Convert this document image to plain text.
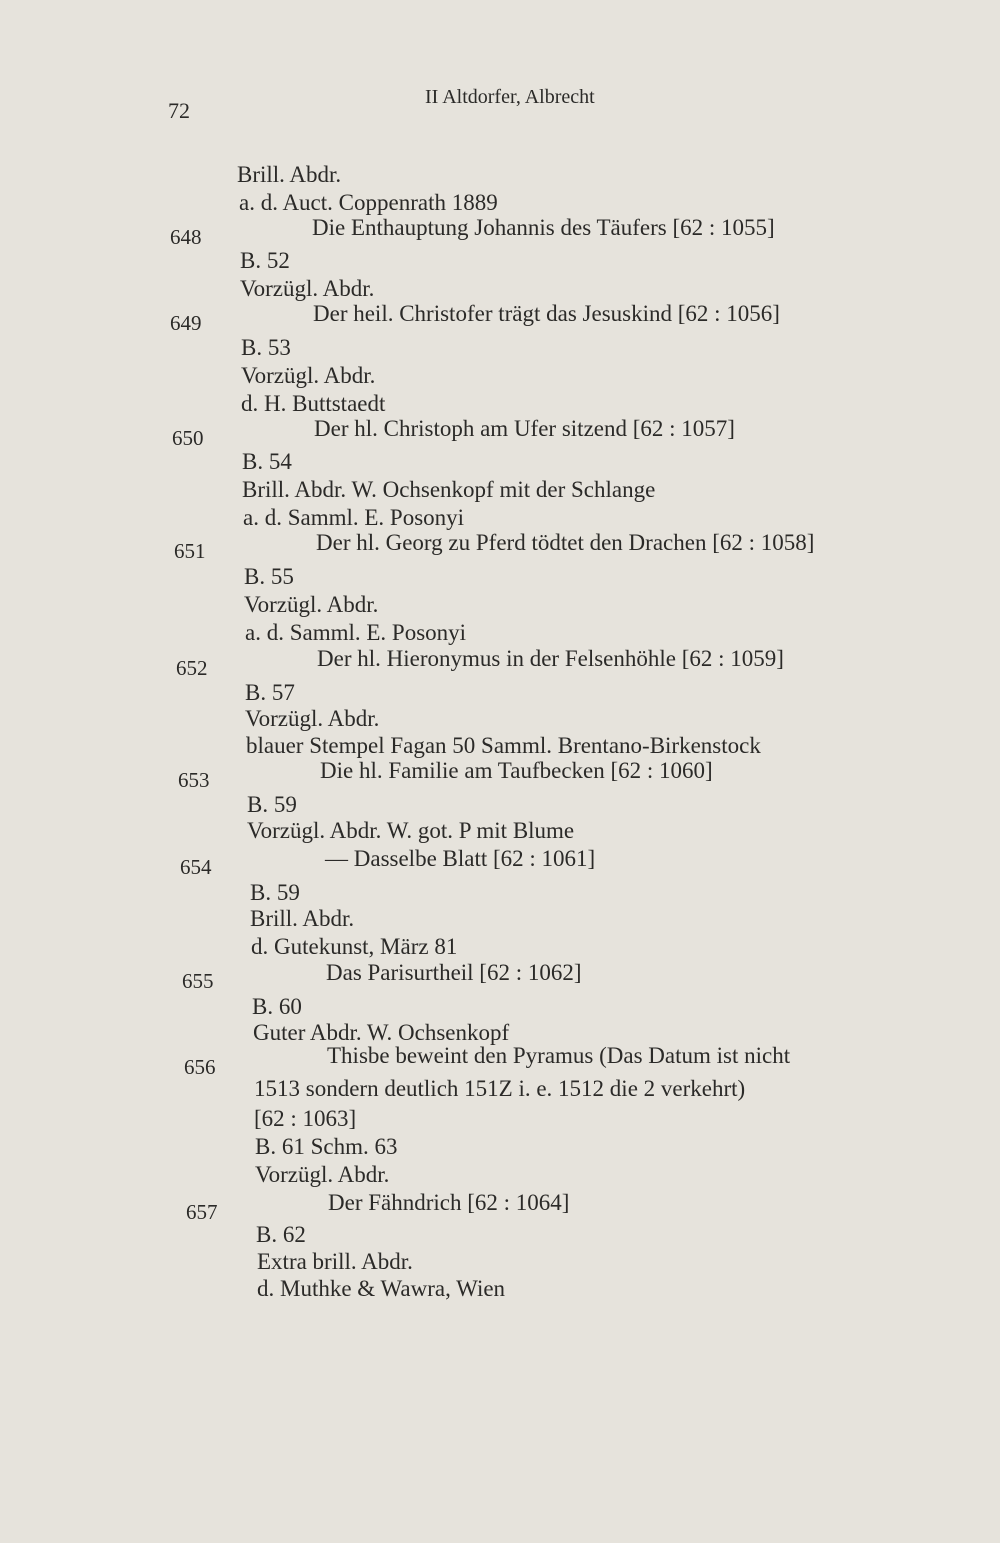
72
II Altdorfer, Albrecht
648
649
650
651
652
653
654
655
656
657
Brill. Abdr.
a. d. Auct. Coppenrath 1889
Die Enthauptung Johannis des Täufers [62 : 1055]
B. 52
Vorzügl. Abdr.
Der heil. Christofer trägt das Jesuskind [62 : 1056]
B. 53
Vorzügl. Abdr.
d. H. Buttstaedt
Der hl. Christoph am Ufer sitzend [62 : 1057]
B. 54
Brill. Abdr. W. Ochsenkopf mit der Schlange
a. d. Samml. E. Posonyi
Der hl. Georg zu Pferd tödtet den Drachen [62 : 1058]
B. 55
Vorzügl. Abdr.
a. d. Samml. E. Posonyi
Der hl. Hieronymus in der Felsenhöhle [62 : 1059]
B. 57
Vorzügl. Abdr.
blauer Stempel Fagan 50 Samml. Brentano-Birkenstock
Die hl. Familie am Taufbecken [62 : 1060]
B. 59
Vorzügl. Abdr. W. got. P mit Blume
— Dasselbe Blatt [62 : 1061]
B. 59
Brill. Abdr.
d. Gutekunst, März 81
Das Parisurtheil [62 : 1062]
B. 60
Guter Abdr. W. Ochsenkopf
Thisbe beweint den Pyramus (Das Datum ist nicht
1513 sondern deutlich 151Z i. e. 1512 die 2 verkehrt)
[62 : 1063]
B. 61 Schm. 63
Vorzügl. Abdr.
Der Fähndrich [62 : 1064]
B. 62
Extra brill. Abdr.
d. Muthke & Wawra, Wien
